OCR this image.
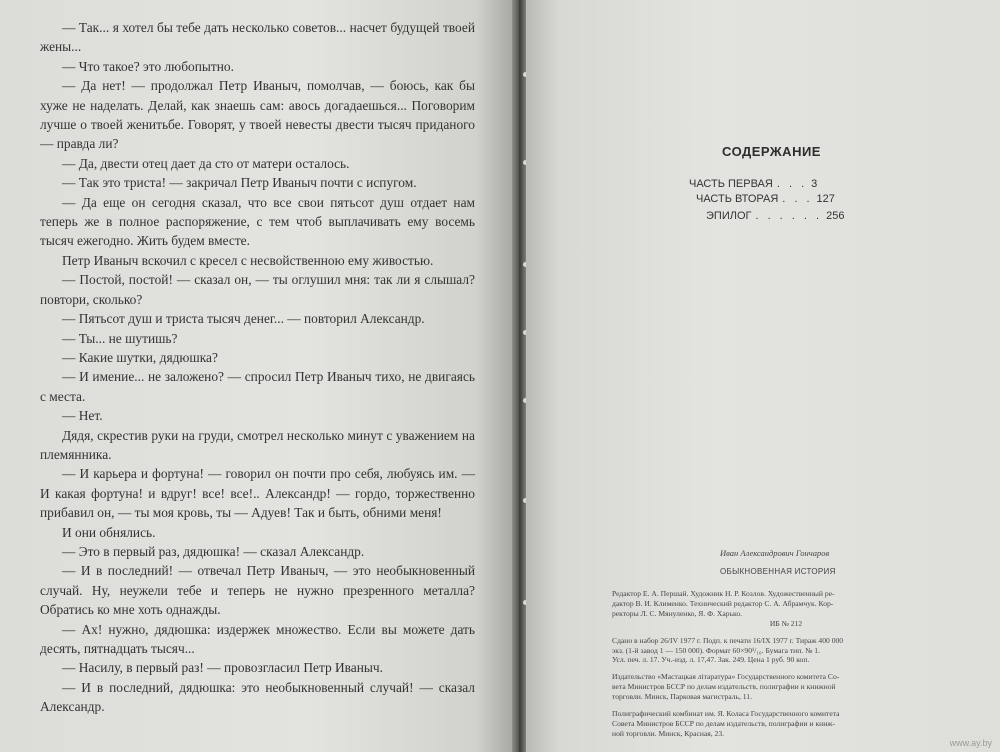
— Так... я хотел бы тебе дать несколько советов... насчет будущей твоей жены...

— Что такое? это любопытно.

— Да нет! — продолжал Петр Иваныч, помолчав, — боюсь, как бы хуже не наделать. Делай, как знаешь сам: авось догадаешься... Поговорим лучше о твоей женитьбе. Говорят, у твоей невесты двести тысяч приданого — правда ли?

— Да, двести отец дает да сто от матери осталось.

— Так это триста! — закричал Петр Иваныч почти с испугом.

— Да еще он сегодня сказал, что все свои пятьсот душ отдает нам теперь же в полное распоряжение, с тем чтоб выплачивать ему восемь тысяч ежегодно. Жить будем вместе.

Петр Иваныч вскочил с кресел с несвойственною ему живостью.

— Постой, постой! — сказал он, — ты оглушил мня: так ли я слышал? повтори, сколько?

— Пятьсот душ и триста тысяч денег... — повторил Александр.

— Ты... не шутишь?

— Какие шутки, дядюшка?

— И имение... не заложено? — спросил Петр Иваныч тихо, не двигаясь с места.

— Нет.

Дядя, скрестив руки на груди, смотрел несколько минут с уважением на племянника.

— И карьера и фортуна! — говорил он почти про себя, любуясь им. — И какая фортуна! и вдруг! все! все!.. Александр! — гордо, торжественно прибавил он, — ты моя кровь, ты — Адуев! Так и быть, обними меня!

И они обнялись.

— Это в первый раз, дядюшка! — сказал Александр.

— И в последний! — отвечал Петр Иваныч, — это необыкновенный случай. Ну, неужели тебе и теперь не нужно презренного металла? Обратись ко мне хоть однажды.

— Ах! нужно, дядюшка: издержек множество. Если вы можете дать десять, пятнадцать тысяч...

— Насилу, в первый раз! — провозгласил Петр Иваныч.

— И в последний, дядюшка: это необыкновенный случай! — сказал Александр.

СОДЕРЖАНИЕ
ЧАСТЬ ПЕРВАЯ . . . 3
ЧАСТЬ ВТОРАЯ . . . 127
ЭПИЛОГ . . . . . . 256
Иван Александрович Гончаров
ОБЫКНОВЕННАЯ ИСТОРИЯ
Редактор Е. А. Першай. Художник Н. Р. Козлов. Художественный ре-
дактор В. И. Клименко. Технический редактор С. А. Абрамчук. Кор-
ректоры Л. С. Мянуленко, Я. Ф. Харько.
ИБ № 212
Сдано в набор 26/IV 1977 г. Подп. к печати 16/IX 1977 г. Тираж 400 000
экз. (1-й завод 1 — 150 000). Формат 60×90¹/₁₆. Бумага тип. № 1.
Усл. печ. л. 17. Уч.-изд. л. 17,47. Зак. 249. Цена 1 руб. 90 коп.
Издательство «Мастацкая лiтаратура» Государственного комитета Со-
вета Министров БССР по делам издательств, полиграфии и книжной
торговли. Минск, Парковая магистраль, 11.
Полиграфический комбинат им. Я. Коласа Государственного комитета
Совета Министров БССР по делам издательств, полиграфии и книж-
ной торговли. Минск, Красная, 23.
www.ay.by
